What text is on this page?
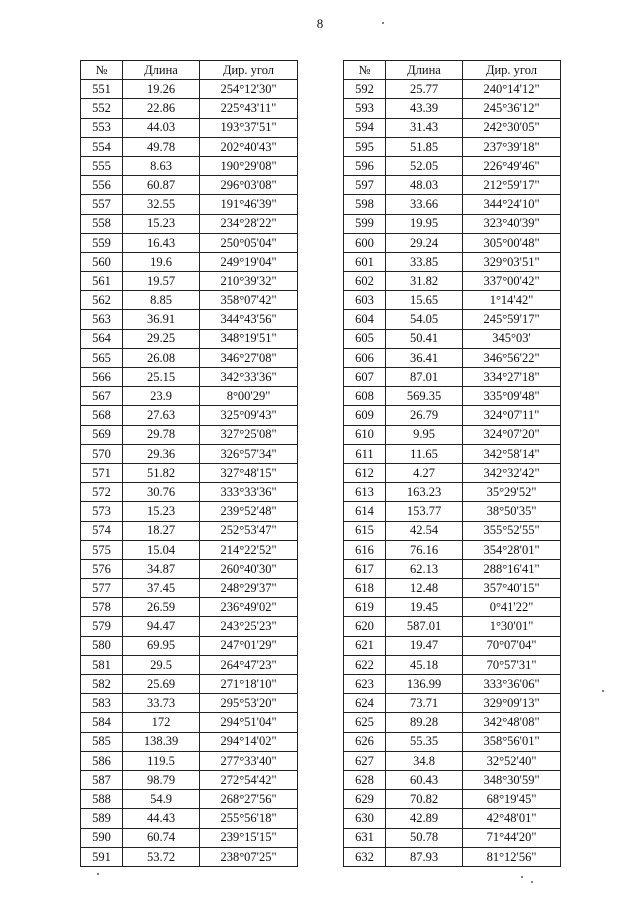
8
№	Длина	Дир. угол
551	19.26	254°12'30"
552	22.86	225°43'11"
553	44.03	193°37'51"
554	49.78	202°40'43"
555	8.63	190°29'08"
556	60.87	296°03'08"
557	32.55	191°46'39"
558	15.23	234°28'22"
559	16.43	250°05'04"
560	19.6	249°19'04"
561	19.57	210°39'32"
562	8.85	358°07'42"
563	36.91	344°43'56"
564	29.25	348°19'51"
565	26.08	346°27'08"
566	25.15	342°33'36"
567	23.9	8°00'29"
568	27.63	325°09'43"
569	29.78	327°25'08"
570	29.36	326°57'34"
571	51.82	327°48'15"
572	30.76	333°33'36"
573	15.23	239°52'48"
574	18.27	252°53'47"
575	15.04	214°22'52"
576	34.87	260°40'30"
577	37.45	248°29'37"
578	26.59	236°49'02"
579	94.47	243°25'23"
580	69.95	247°01'29"
581	29.5	264°47'23"
582	25.69	271°18'10"
583	33.73	295°53'20"
584	172	294°51'04"
585	138.39	294°14'02"
586	119.5	277°33'40"
587	98.79	272°54'42"
588	54.9	268°27'56"
589	44.43	255°56'18"
590	60.74	239°15'15"
591	53.72	238°07'25"
№	Длина	Дир. угол
592	25.77	240°14'12"
593	43.39	245°36'12"
594	31.43	242°30'05"
595	51.85	237°39'18"
596	52.05	226°49'46"
597	48.03	212°59'17"
598	33.66	344°24'10"
599	19.95	323°40'39"
600	29.24	305°00'48"
601	33.85	329°03'51"
602	31.82	337°00'42"
603	15.65	1°14'42"
604	54.05	245°59'17"
605	50.41	345°03'
606	36.41	346°56'22"
607	87.01	334°27'18"
608	569.35	335°09'48"
609	26.79	324°07'11"
610	9.95	324°07'20"
611	11.65	342°58'14"
612	4.27	342°32'42"
613	163.23	35°29'52"
614	153.77	38°50'35"
615	42.54	355°52'55"
616	76.16	354°28'01"
617	62.13	288°16'41"
618	12.48	357°40'15"
619	19.45	0°41'22"
620	587.01	1°30'01"
621	19.47	70°07'04"
622	45.18	70°57'31"
623	136.99	333°36'06"
624	73.71	329°09'13"
625	89.28	342°48'08"
626	55.35	358°56'01"
627	34.8	32°52'40"
628	60.43	348°30'59"
629	70.82	68°19'45"
630	42.89	42°48'01"
631	50.78	71°44'20"
632	87.93	81°12'56"
